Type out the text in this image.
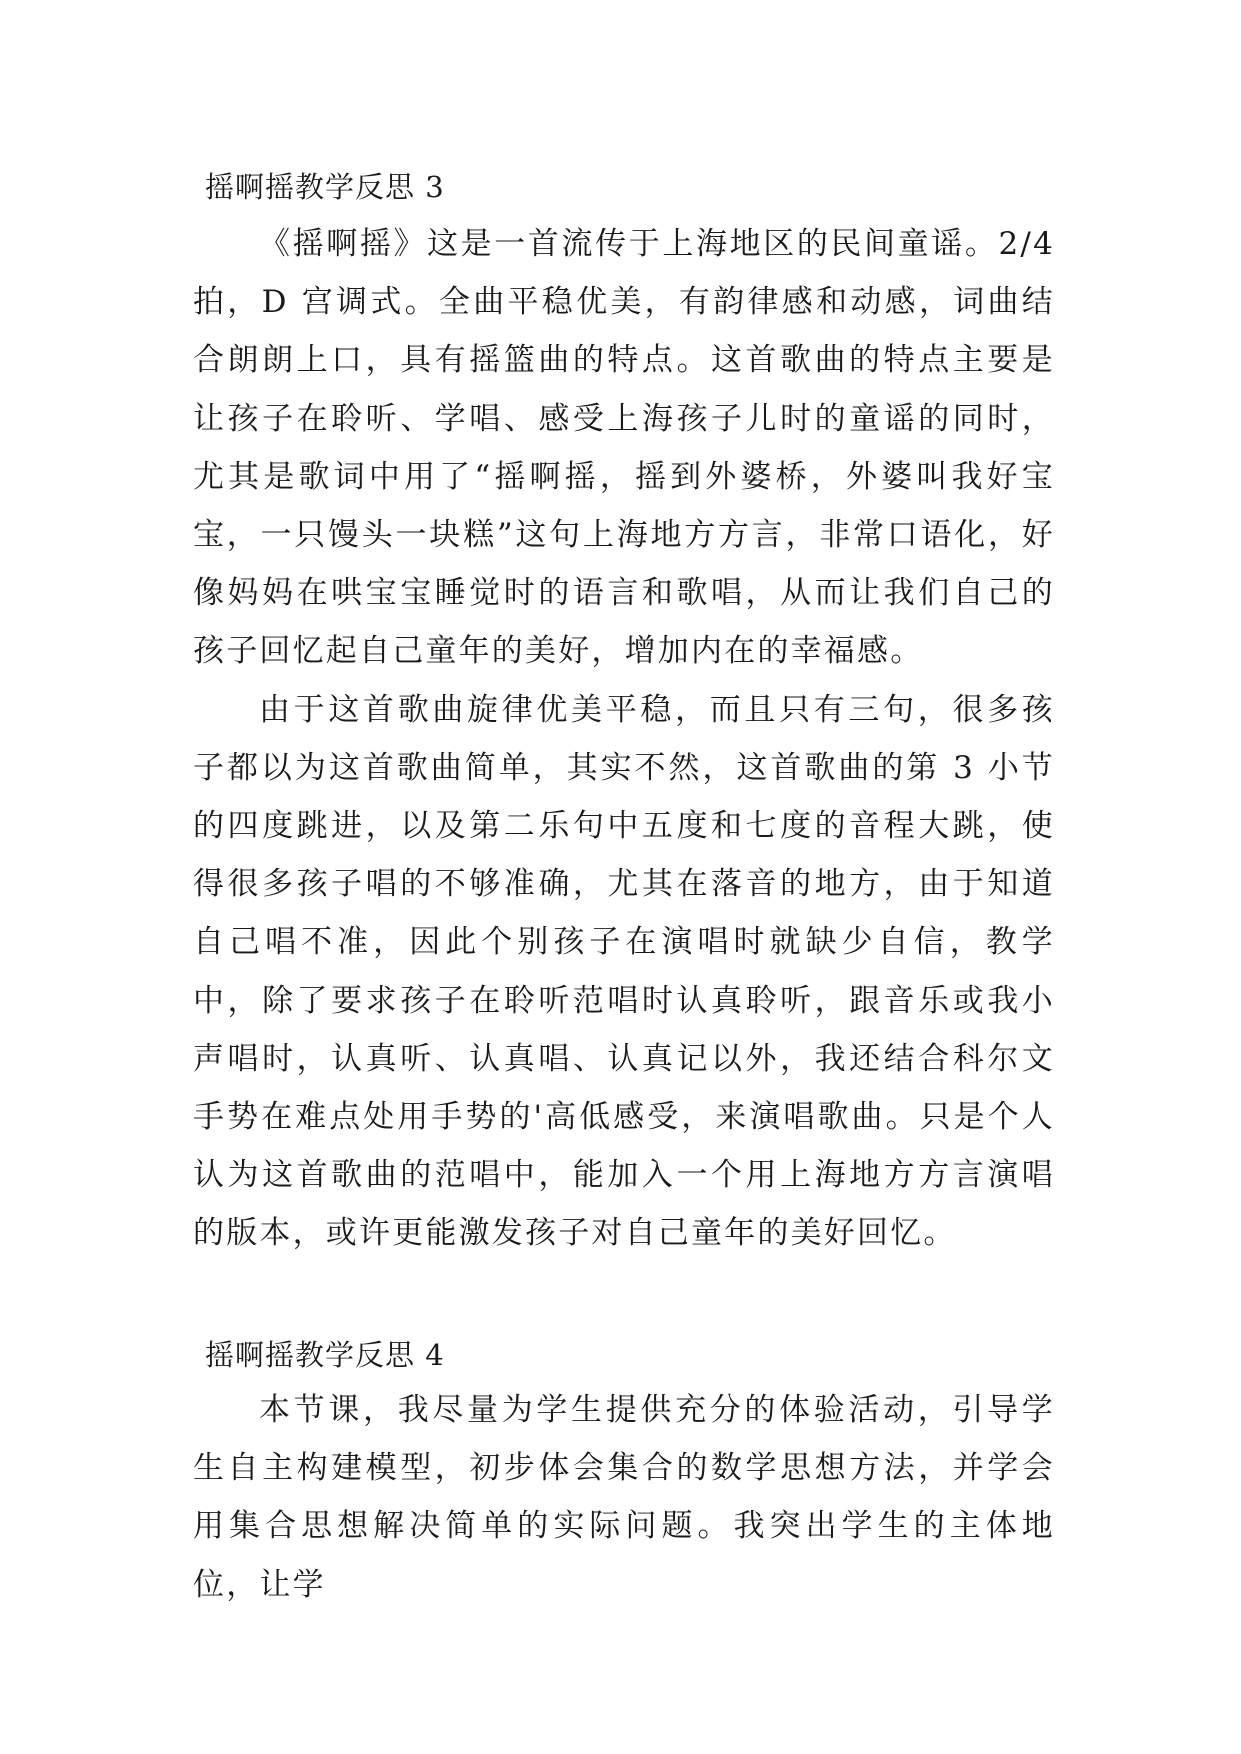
摇啊摇教学反思 3

《摇啊摇》这是一首流传于上海地区的民间童谣。2/4 拍，D 宫调式。全曲平稳优美，有韵律感和动感，词曲结合朗朗上口，具有摇篮曲的特点。这首歌曲的特点主要是让孩子在聆听、学唱、感受上海孩子儿时的童谣的同时，尤其是歌词中用了“摇啊摇，摇到外婆桥，外婆叫我好宝宝，一只馒头一块糕”这句上海地方方言，非常口语化，好像妈妈在哄宝宝睡觉时的语言和歌唱，从而让我们自己的孩子回忆起自己童年的美好，增加内在的幸福感。

由于这首歌曲旋律优美平稳，而且只有三句，很多孩子都以为这首歌曲简单，其实不然，这首歌曲的第 3 小节的四度跳进，以及第二乐句中五度和七度的音程大跳，使得很多孩子唱的不够准确，尤其在落音的地方，由于知道自己唱不准，因此个别孩子在演唱时就缺少自信，教学中，除了要求孩子在聆听范唱时认真聆听，跟音乐或我小声唱时，认真听、认真唱、认真记以外，我还结合科尔文手势在难点处用手势的'高低感受，来演唱歌曲。只是个人认为这首歌曲的范唱中，能加入一个用上海地方方言演唱的版本，或许更能激发孩子对自己童年的美好回忆。

摇啊摇教学反思 4

本节课，我尽量为学生提供充分的体验活动，引导学生自主构建模型，初步体会集合的数学思想方法，并学会用集合思想解决简单的实际问题。我突出学生的主体地位，让学
